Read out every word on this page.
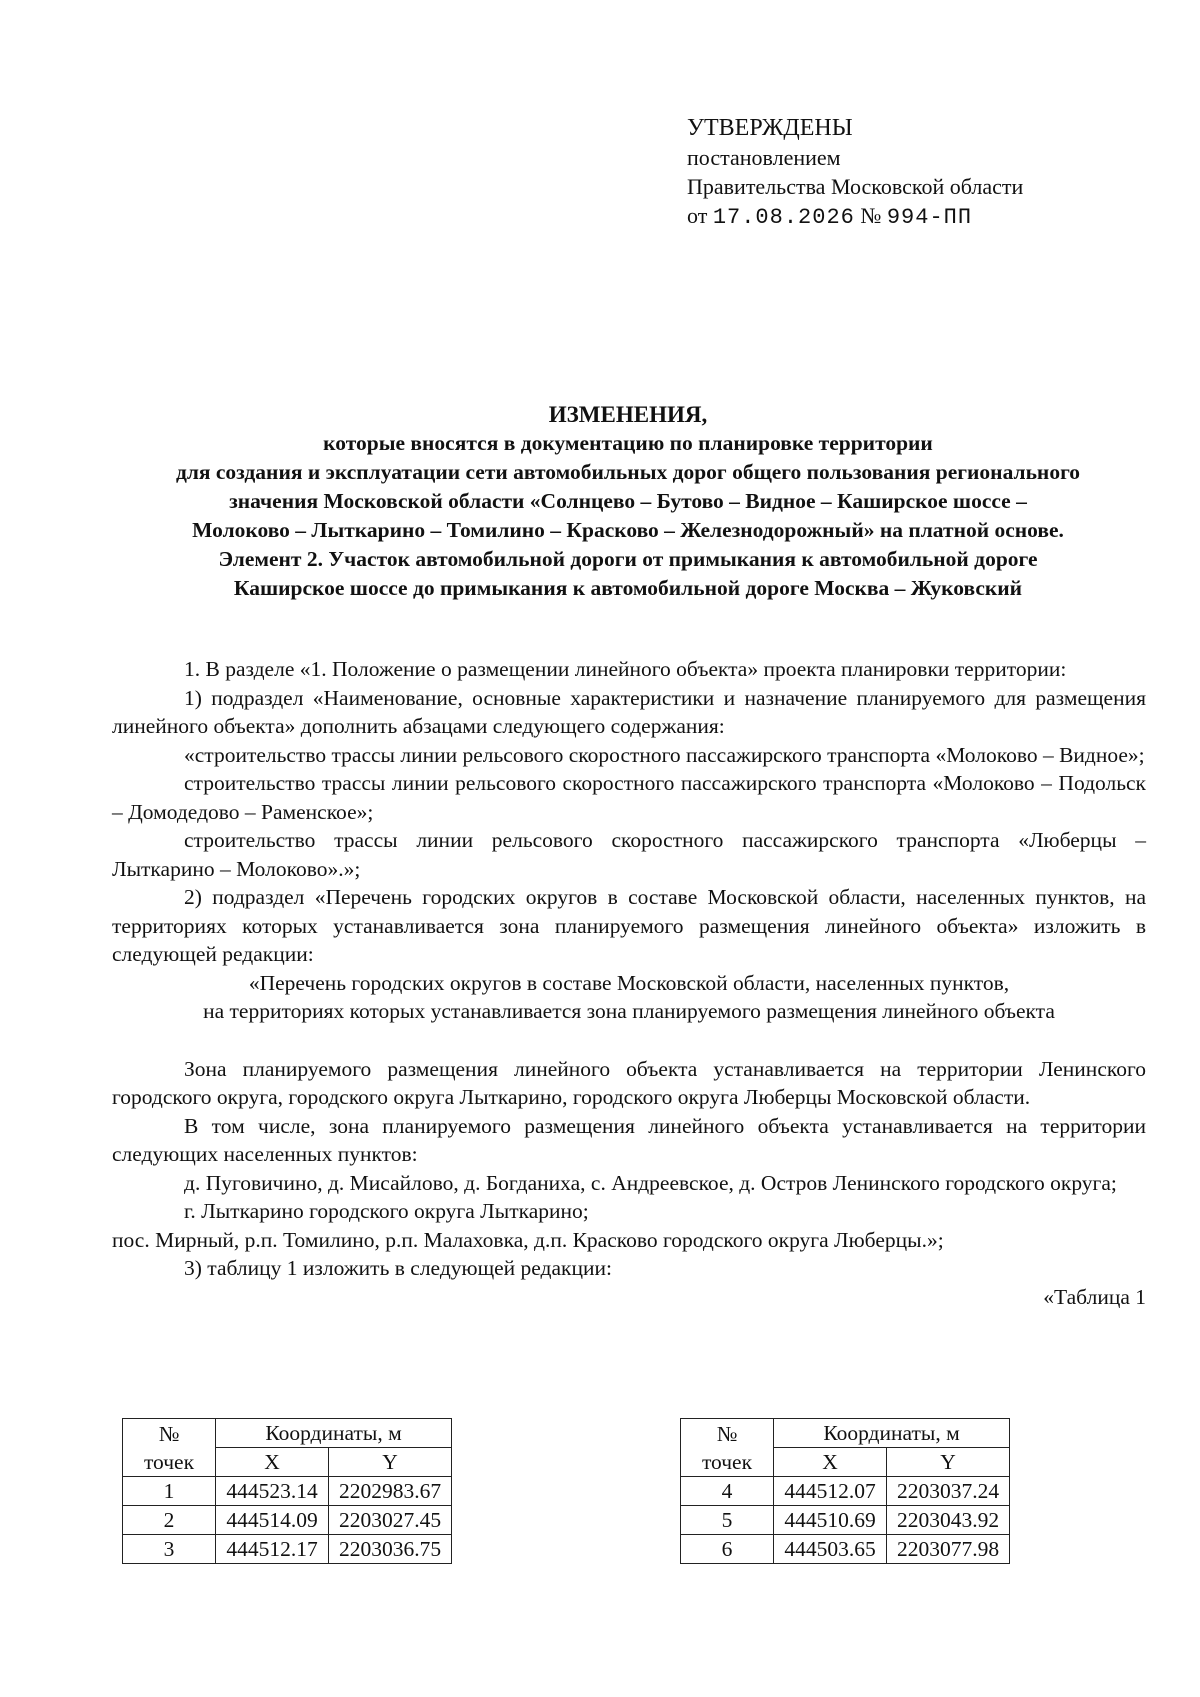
УТВЕРЖДЕНЫ
постановлением
Правительства Московской области
от 17.08.2026 № 994-ПП
ИЗМЕНЕНИЯ,
которые вносятся в документацию по планировке территории
для создания и эксплуатации сети автомобильных дорог общего пользования регионального
значения Московской области «Солнцево – Бутово – Видное – Каширское шоссе –
Молоково – Лыткарино – Томилино – Красково – Железнодорожный» на платной основе.
Элемент 2. Участок автомобильной дороги от примыкания к автомобильной дороге
Каширское шоссе до примыкания к автомобильной дороге Москва – Жуковский

1. В разделе «1. Положение о размещении линейного объекта» проекта планировки территории:

1) подраздел «Наименование, основные характеристики и назначение планируемого для размещения линейного объекта» дополнить абзацами следующего содержания:

«строительство трассы линии рельсового скоростного пассажирского транспорта «Молоково – Видное»;

строительство трассы линии рельсового скоростного пассажирского транспорта «Молоково – Подольск – Домодедово – Раменское»;

строительство трассы линии рельсового скоростного пассажирского транспорта «Люберцы – Лыткарино – Молоково».»;

2) подраздел «Перечень городских округов в составе Московской области, населенных пунктов, на территориях которых устанавливается зона планируемого размещения линейного объекта» изложить в следующей редакции:

«Перечень городских округов в составе Московской области, населенных пунктов,

на территориях которых устанавливается зона планируемого размещения линейного объекта

Зона планируемого размещения линейного объекта устанавливается на территории Ленинского городского округа, городского округа Лыткарино, городского округа Люберцы Московской области.

В том числе, зона планируемого размещения линейного объекта устанавливается на территории следующих населенных пунктов:

д. Пуговичино, д. Мисайлово, д. Богданиха, с. Андреевское, д. Остров Ленинского городского округа;

г. Лыткарино городского округа Лыткарино;

пос. Мирный, р.п. Томилино, р.п. Малаховка, д.п. Красково городского округа Люберцы.»;

3) таблицу 1 изложить в следующей редакции:

«Таблица 1

№
точек	Координаты, м	
	X	Y
1	444523.14	2202983.67
2	444514.09	2203027.45
3	444512.17	2203036.75
№
точек	Координаты, м	
	X	Y
4	444512.07	2203037.24
5	444510.69	2203043.92
6	444503.65	2203077.98
